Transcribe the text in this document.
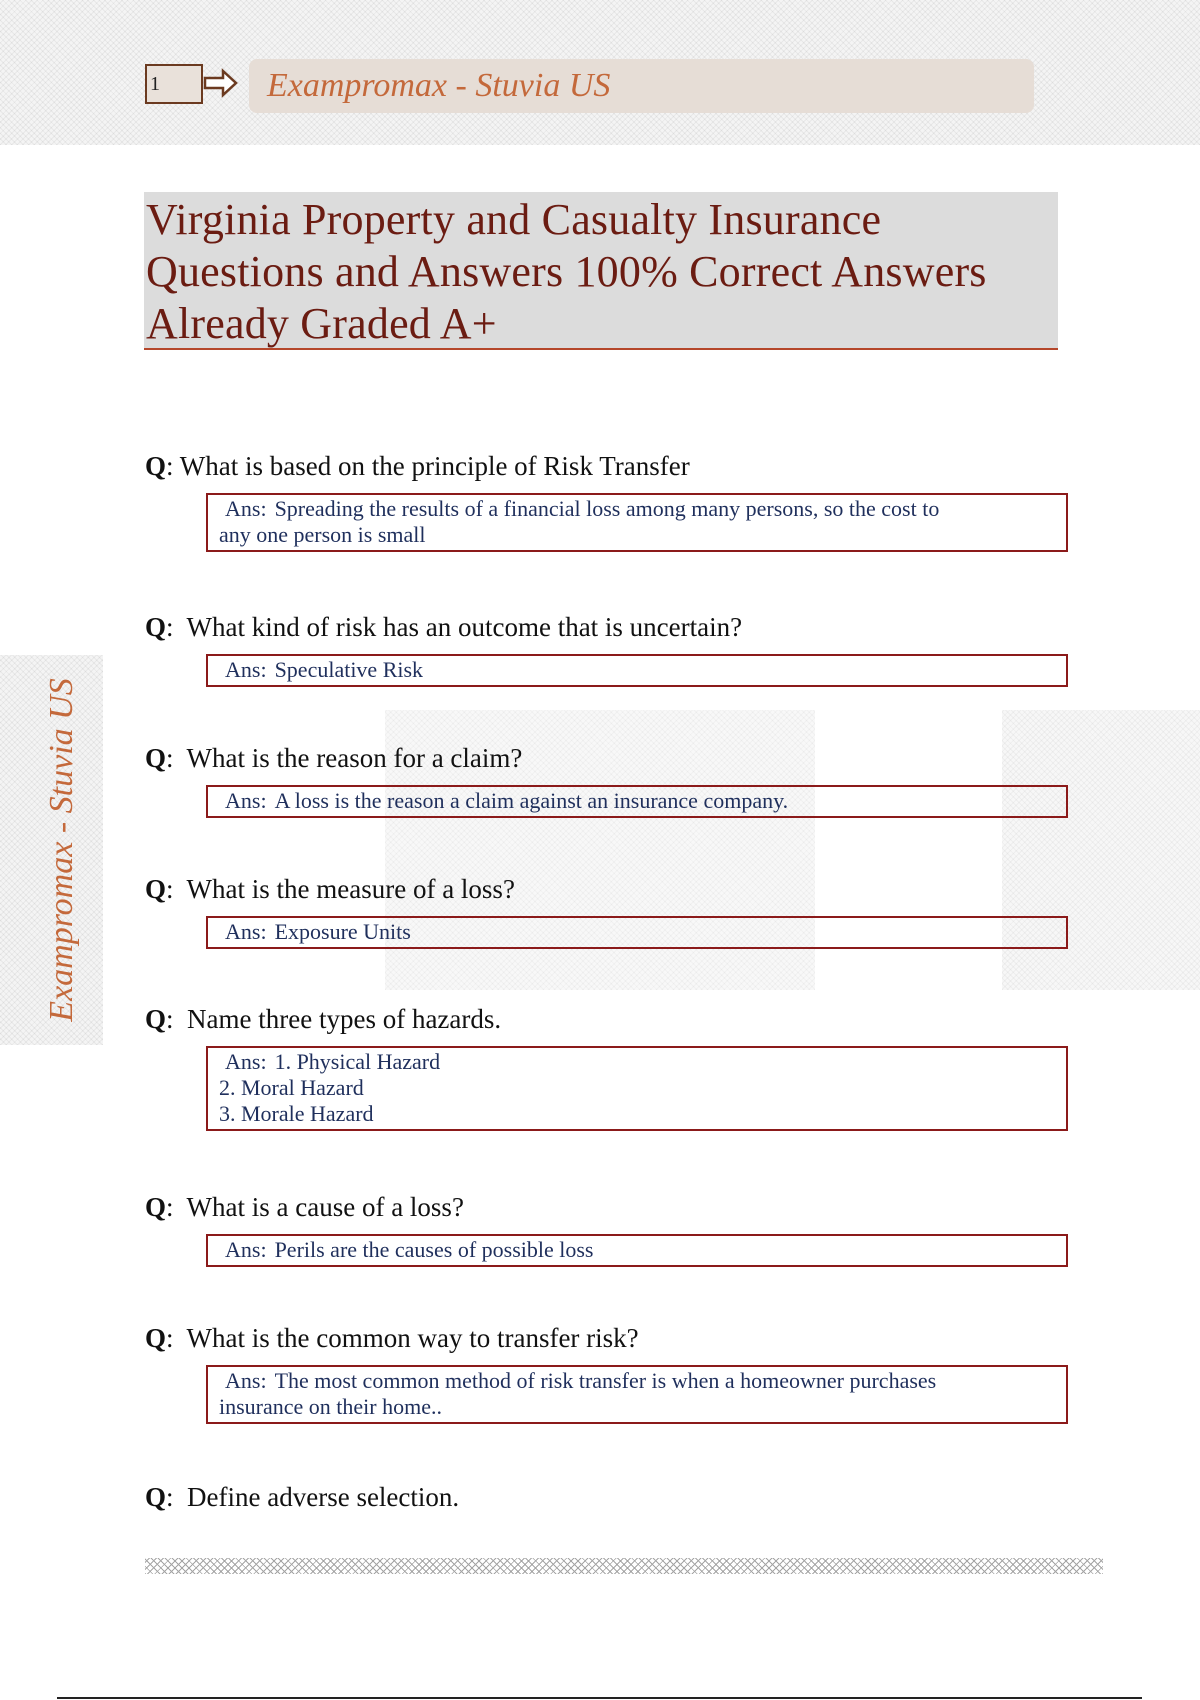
1	Exampromax - Stuvia US

Virginia Property and Casualty Insurance

Questions and Answers 100% Correct Answers

Already Graded A+

Exampromax - Stuvia US
Q: What is based on the principle of Risk Transfer
Ans: Spreading the results of a financial loss among many persons, so the cost to
any one person is small
Q:  What kind of risk has an outcome that is uncertain?
Ans: Speculative Risk
Q:  What is the reason for a claim?
Ans: A loss is the reason a claim against an insurance company.
Q:  What is the measure of a loss?
Ans: Exposure Units
Q:  Name three types of hazards.
Ans: 1. Physical Hazard
2. Moral Hazard
3. Morale Hazard
Q:  What is a cause of a loss?
Ans: Perils are the causes of possible loss
Q:  What is the common way to transfer risk?
Ans: The most common method of risk transfer is when a homeowner purchases
insurance on their home..
Q:  Define adverse selection.
